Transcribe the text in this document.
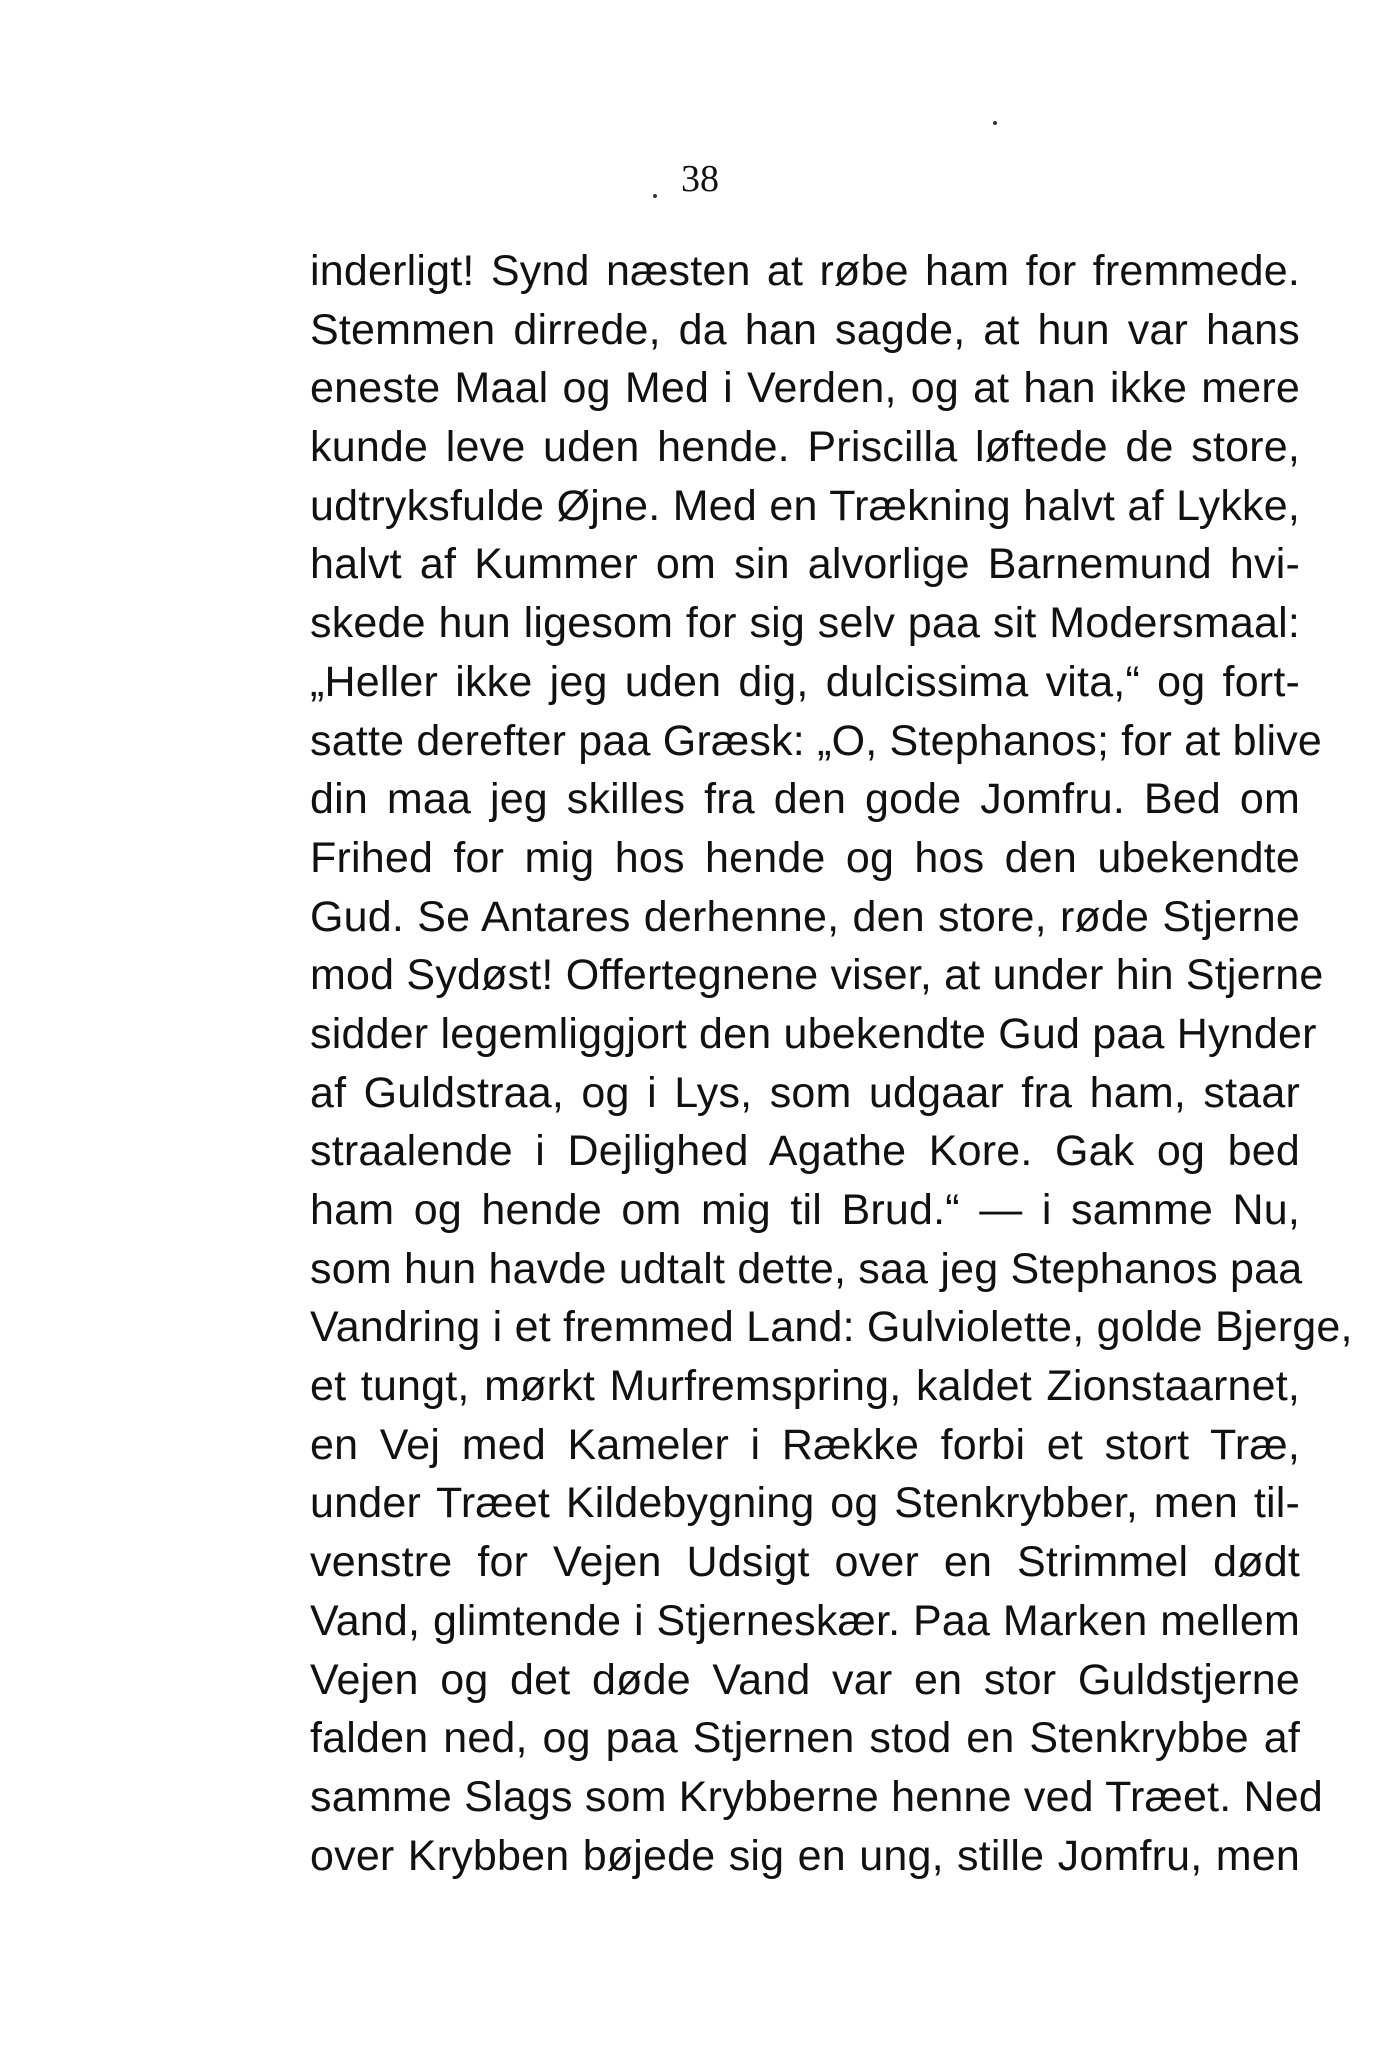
38
inderligt! Synd næsten at røbe ham for fremmede.
Stemmen dirrede, da han sagde, at hun var hans
eneste Maal og Med i Verden, og at han ikke mere
kunde leve uden hende. Priscilla løftede de store,
udtryksfulde Øjne. Med en Trækning halvt af Lykke,
halvt af Kummer om sin alvorlige Barnemund hvi-
skede hun ligesom for sig selv paa sit Modersmaal:
„Heller ikke jeg uden dig, dulcissima vita,“ og fort-
satte derefter paa Græsk: „O, Stephanos; for at blive
din maa jeg skilles fra den gode Jomfru. Bed om
Frihed for mig hos hende og hos den ubekendte
Gud. Se Antares derhenne, den store, røde Stjerne
mod Sydøst! Offertegnene viser, at under hin Stjerne
sidder legemliggjort den ubekendte Gud paa Hynder
af Guldstraa, og i Lys, som udgaar fra ham, staar
straalende i Dejlighed Agathe Kore. Gak og bed
ham og hende om mig til Brud.“ — i samme Nu,
som hun havde udtalt dette, saa jeg Stephanos paa
Vandring i et fremmed Land: Gulviolette, golde Bjerge,
et tungt, mørkt Murfremspring, kaldet Zionstaarnet,
en Vej med Kameler i Række forbi et stort Træ,
under Træet Kildebygning og Stenkrybber, men til-
venstre for Vejen Udsigt over en Strimmel dødt
Vand, glimtende i Stjerneskær. Paa Marken mellem
Vejen og det døde Vand var en stor Guldstjerne
falden ned, og paa Stjernen stod en Stenkrybbe af
samme Slags som Krybberne henne ved Træet. Ned
over Krybben bøjede sig en ung, stille Jomfru, men
